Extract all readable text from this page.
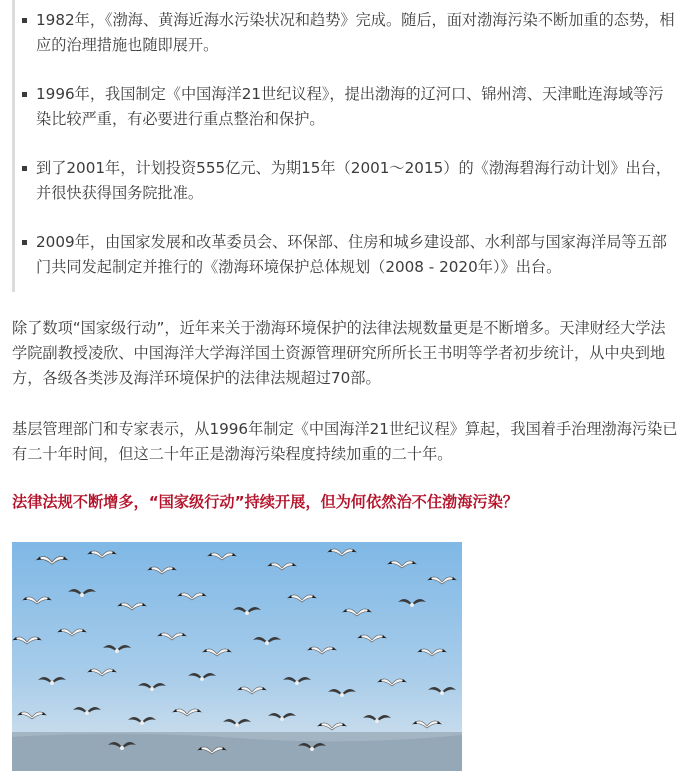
1982年，《渤海、黄海近海水污染状况和趋势》完成。随后，面对渤海污染不断加重的态势，相应的治理措施也随即展开。
1996年，我国制定《中国海洋21世纪议程》，提出渤海的辽河口、锦州湾、天津毗连海域等污染比较严重，有必要进行重点整治和保护。
到了2001年，计划投资555亿元、为期15年（2001～2015）的《渤海碧海行动计划》出台，并很快获得国务院批准。
2009年，由国家发展和改革委员会、环保部、住房和城乡建设部、水利部与国家海洋局等五部门共同发起制定并推行的《渤海环境保护总体规划（2008 - 2020年）》出台。

除了数项“国家级行动”，近年来关于渤海环境保护的法律法规数量更是不断增多。天津财经大学法学院副教授凌欣、中国海洋大学海洋国土资源管理研究所所长王书明等学者初步统计，从中央到地方，各级各类涉及海洋环境保护的法律法规超过70部。

基层管理部门和专家表示，从1996年制定《中国海洋21世纪议程》算起，我国着手治理渤海污染已有二十年时间，但这二十年正是渤海污染程度持续加重的二十年。

法律法规不断增多，“国家级行动”持续开展，但为何依然治不住渤海污染？
